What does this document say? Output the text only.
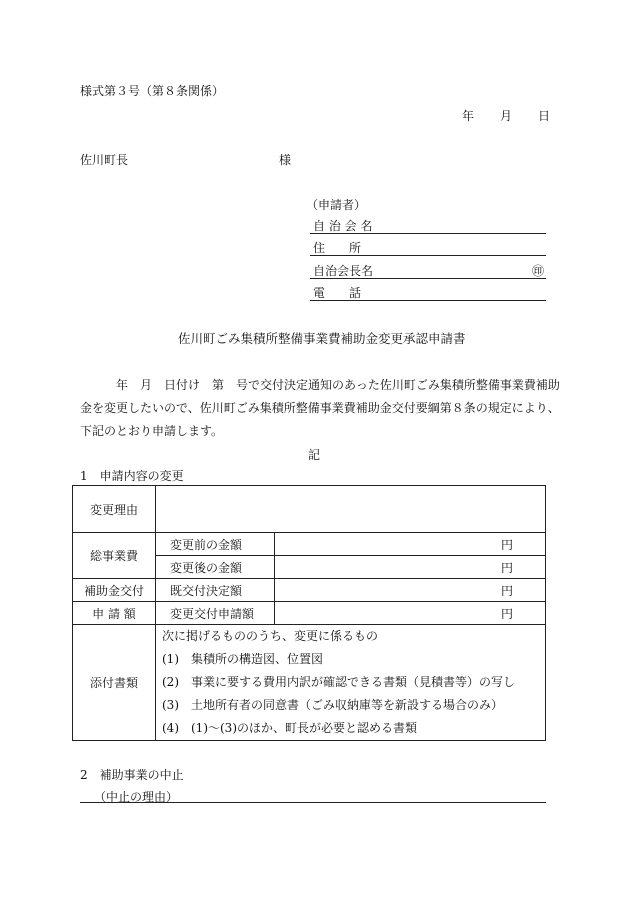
様式第３号（第８条関係）
年 月 日
佐川町長	様
（申請者）
自 治 会 名
住　　所
自治会長名	㊞
電　　話
佐川町ごみ集積所整備事業費補助金変更承認申請書
年　月　日付け　第　号で交付決定通知のあった佐川町ごみ集積所整備事業費補助
金を変更したいので、佐川町ごみ集積所整備事業費補助金交付要綱第８条の規定により、
下記のとおり申請します。
記
1　申請内容の変更
変更理由		
総事業費	変更前の金額	円
	変更後の金額	円
補助金交付	既交付決定額	円
申 請 額	変更交付申請額	円
添付書類	次に掲げるもののうち、変更に係るもの
(1)　集積所の構造図、位置図
(2)　事業に要する費用内訳が確認できる書類（見積書等）の写し
(3)　土地所有者の同意書（ごみ収納庫等を新設する場合のみ）
(4)　(1)～(3)のほか、町長が必要と認める書類	
2　補助事業の中止
（中止の理由）
